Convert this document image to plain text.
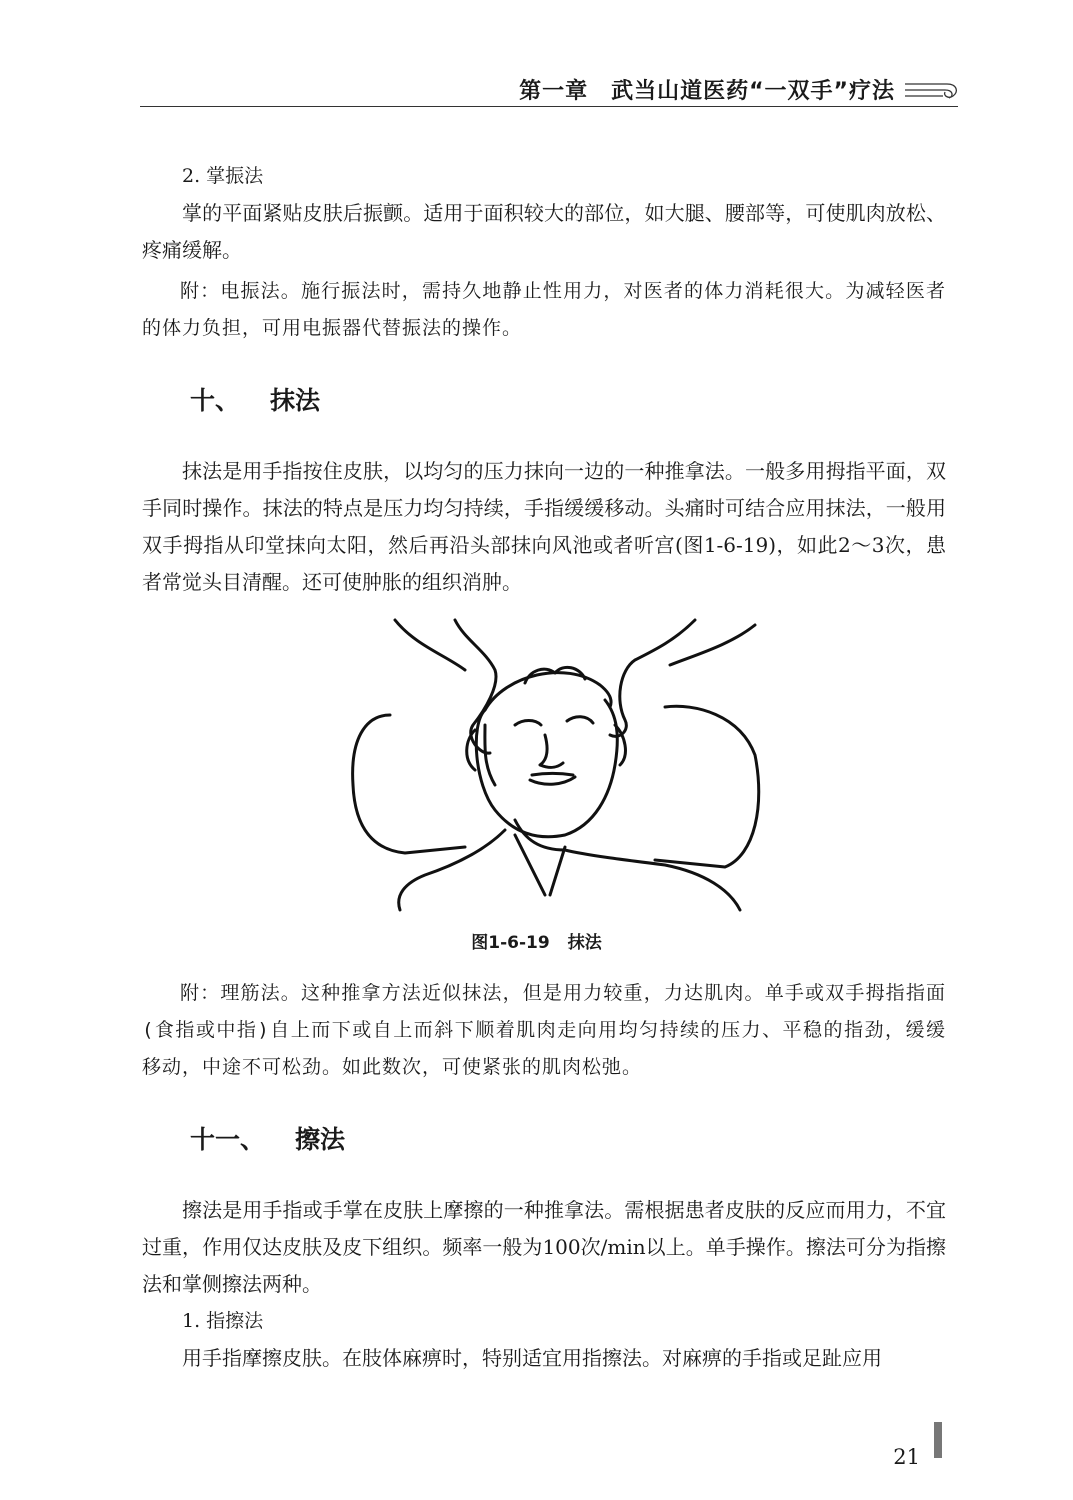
第一章　武当山道医药“一双手”疗法

2. 掌振法

掌的平面紧贴皮肤后振颤。适用于面积较大的部位，如大腿、腰部等，可使肌肉放松、疼痛缓解。

附：电振法。施行振法时，需持久地静止性用力，对医者的体力消耗很大。为减轻医者的体力负担，可用电振器代替振法的操作。

十、 抹法

抹法是用手指按住皮肤，以均匀的压力抹向一边的一种推拿法。一般多用拇指平面，双手同时操作。抹法的特点是压力均匀持续，手指缓缓移动。头痛时可结合应用抹法，一般用双手拇指从印堂抹向太阳，然后再沿头部抹向风池或者听宫(图1-6-19)，如此2～3次，患者常觉头目清醒。还可使肿胀的组织消肿。

图1-6-19 抹法

附：理筋法。这种推拿方法近似抹法，但是用力较重，力达肌肉。单手或双手拇指指面(食指或中指)自上而下或自上而斜下顺着肌肉走向用均匀持续的压力、平稳的指劲，缓缓移动，中途不可松劲。如此数次，可使紧张的肌肉松弛。

十一、 擦法

擦法是用手指或手掌在皮肤上摩擦的一种推拿法。需根据患者皮肤的反应而用力，不宜过重，作用仅达皮肤及皮下组织。频率一般为100次/min以上。单手操作。擦法可分为指擦法和掌侧擦法两种。

1. 指擦法

用手指摩擦皮肤。在肢体麻痹时，特别适宜用指擦法。对麻痹的手指或足趾应用

21
